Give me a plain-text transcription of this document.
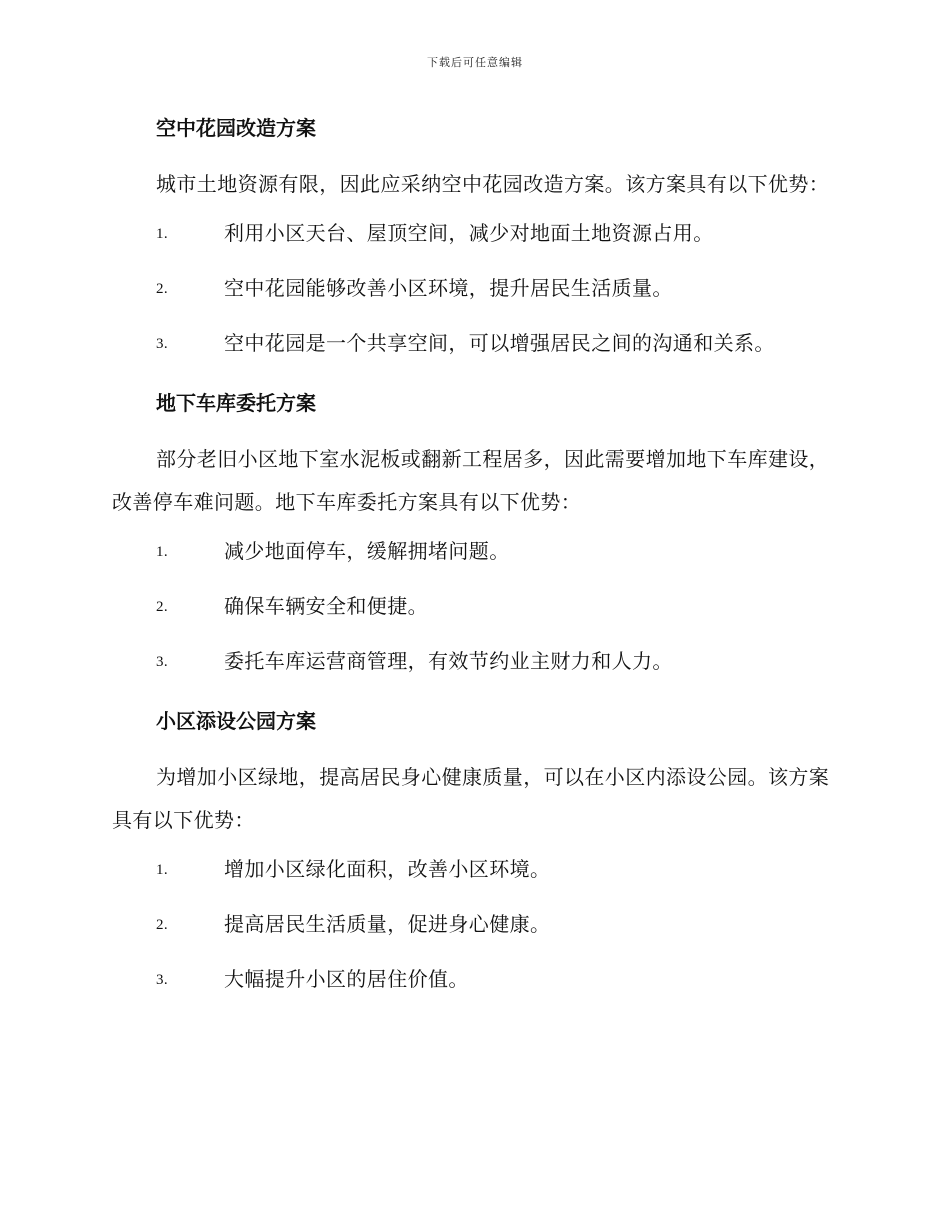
下载后可任意编辑
空中花园改造方案

城市土地资源有限，因此应采纳空中花园改造方案。该方案具有以下优势：

1.	利用小区天台、屋顶空间，减少对地面土地资源占用。
2.	空中花园能够改善小区环境，提升居民生活质量。
3.	空中花园是一个共享空间，可以增强居民之间的沟通和关系。
地下车库委托方案

部分老旧小区地下室水泥板或翻新工程居多，因此需要增加地下车库建设，改善停车难问题。地下车库委托方案具有以下优势：

1.	减少地面停车，缓解拥堵问题。
2.	确保车辆安全和便捷。
3.	委托车库运营商管理，有效节约业主财力和人力。
小区添设公园方案

为增加小区绿地，提高居民身心健康质量，可以在小区内添设公园。该方案具有以下优势：

1.	增加小区绿化面积，改善小区环境。
2.	提高居民生活质量，促进身心健康。
3.	大幅提升小区的居住价值。
